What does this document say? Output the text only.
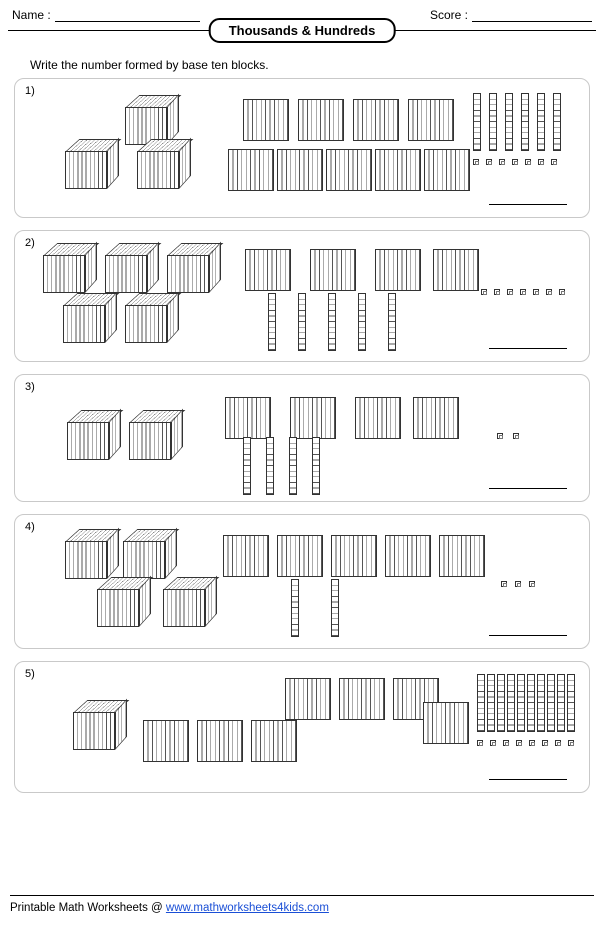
Name :	Score :
Thousands & Hundreds
Write the number formed by base ten blocks.
1)
2)
3)
4)
5)
Printable Math Worksheets @ www.mathworksheets4kids.com
